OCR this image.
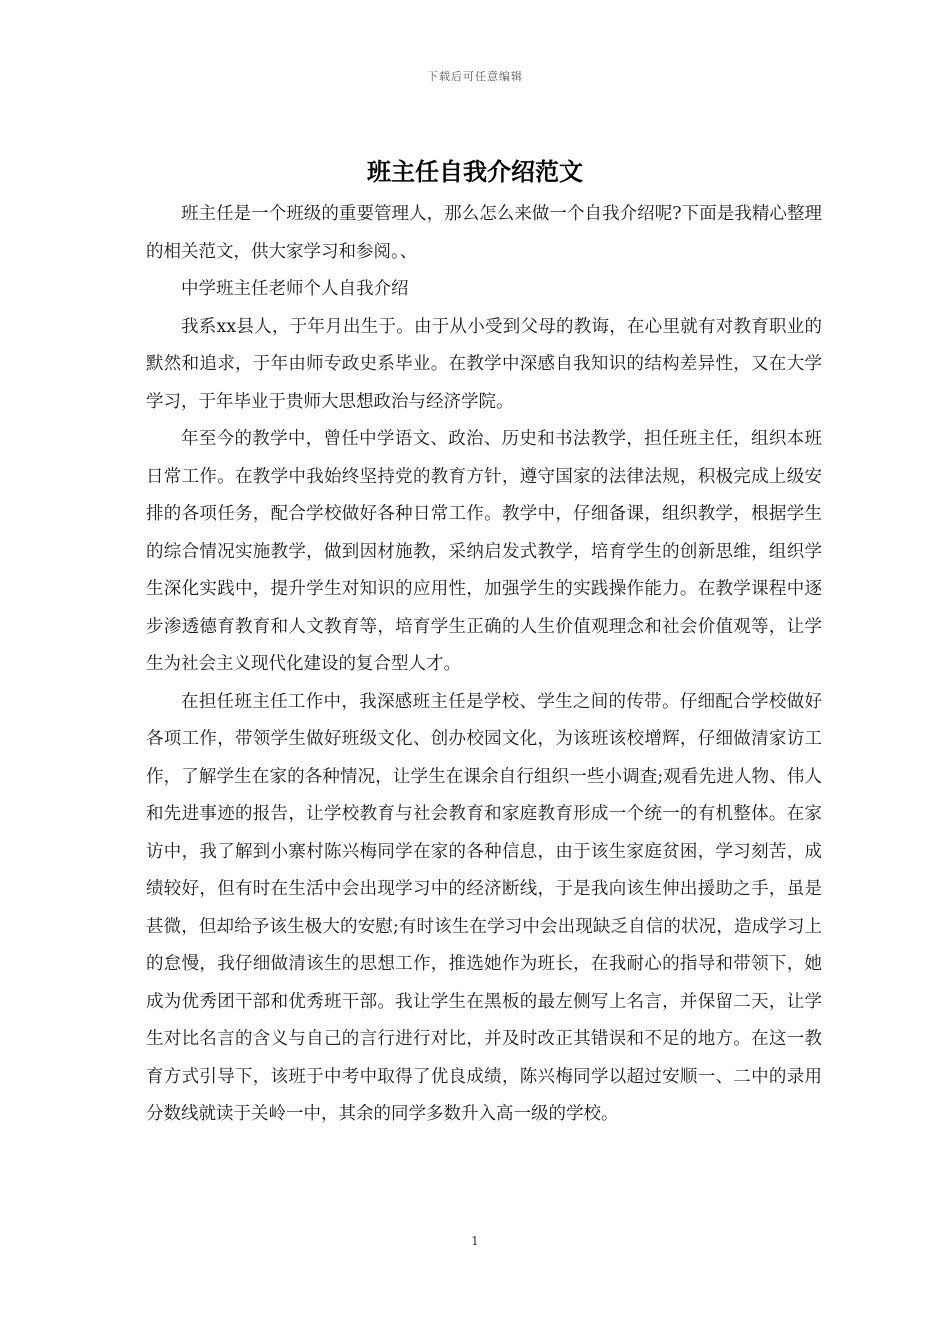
下载后可任意编辑
班主任自我介绍范文

班主任是一个班级的重要管理人，那么怎么来做一个自我介绍呢?下面是我精心整理的相关范文，供大家学习和参阅。、

中学班主任老师个人自我介绍

我系xx县人，于年月出生于。由于从小受到父母的教诲，在心里就有对教育职业的默然和追求，于年由师专政史系毕业。在教学中深感自我知识的结构差异性，又在大学学习，于年毕业于贵师大思想政治与经济学院。

年至今的教学中，曾任中学语文、政治、历史和书法教学，担任班主任，组织本班日常工作。在教学中我始终坚持党的教育方针，遵守国家的法律法规，积极完成上级安排的各项任务，配合学校做好各种日常工作。教学中，仔细备课，组织教学，根据学生的综合情况实施教学，做到因材施教，采纳启发式教学，培育学生的创新思维，组织学生深化实践中，提升学生对知识的应用性，加强学生的实践操作能力。在教学课程中逐步渗透德育教育和人文教育等，培育学生正确的人生价值观理念和社会价值观等，让学生为社会主义现代化建设的复合型人才。

在担任班主任工作中，我深感班主任是学校、学生之间的传带。仔细配合学校做好各项工作，带领学生做好班级文化、创办校园文化，为该班该校增辉，仔细做清家访工作，了解学生在家的各种情况，让学生在课余自行组织一些小调查;观看先进人物、伟人和先进事迹的报告，让学校教育与社会教育和家庭教育形成一个统一的有机整体。在家访中，我了解到小寨村陈兴梅同学在家的各种信息，由于该生家庭贫困，学习刻苦，成绩较好，但有时在生活中会出现学习中的经济断线，于是我向该生伸出援助之手，虽是甚微，但却给予该生极大的安慰;有时该生在学习中会出现缺乏自信的状况，造成学习上的怠慢，我仔细做清该生的思想工作，推选她作为班长，在我耐心的指导和带领下，她成为优秀团干部和优秀班干部。我让学生在黑板的最左侧写上名言，并保留二天，让学生对比名言的含义与自己的言行进行对比，并及时改正其错误和不足的地方。在这一教育方式引导下，该班于中考中取得了优良成绩，陈兴梅同学以超过安顺一、二中的录用分数线就读于关岭一中，其余的同学多数升入高一级的学校。

1
